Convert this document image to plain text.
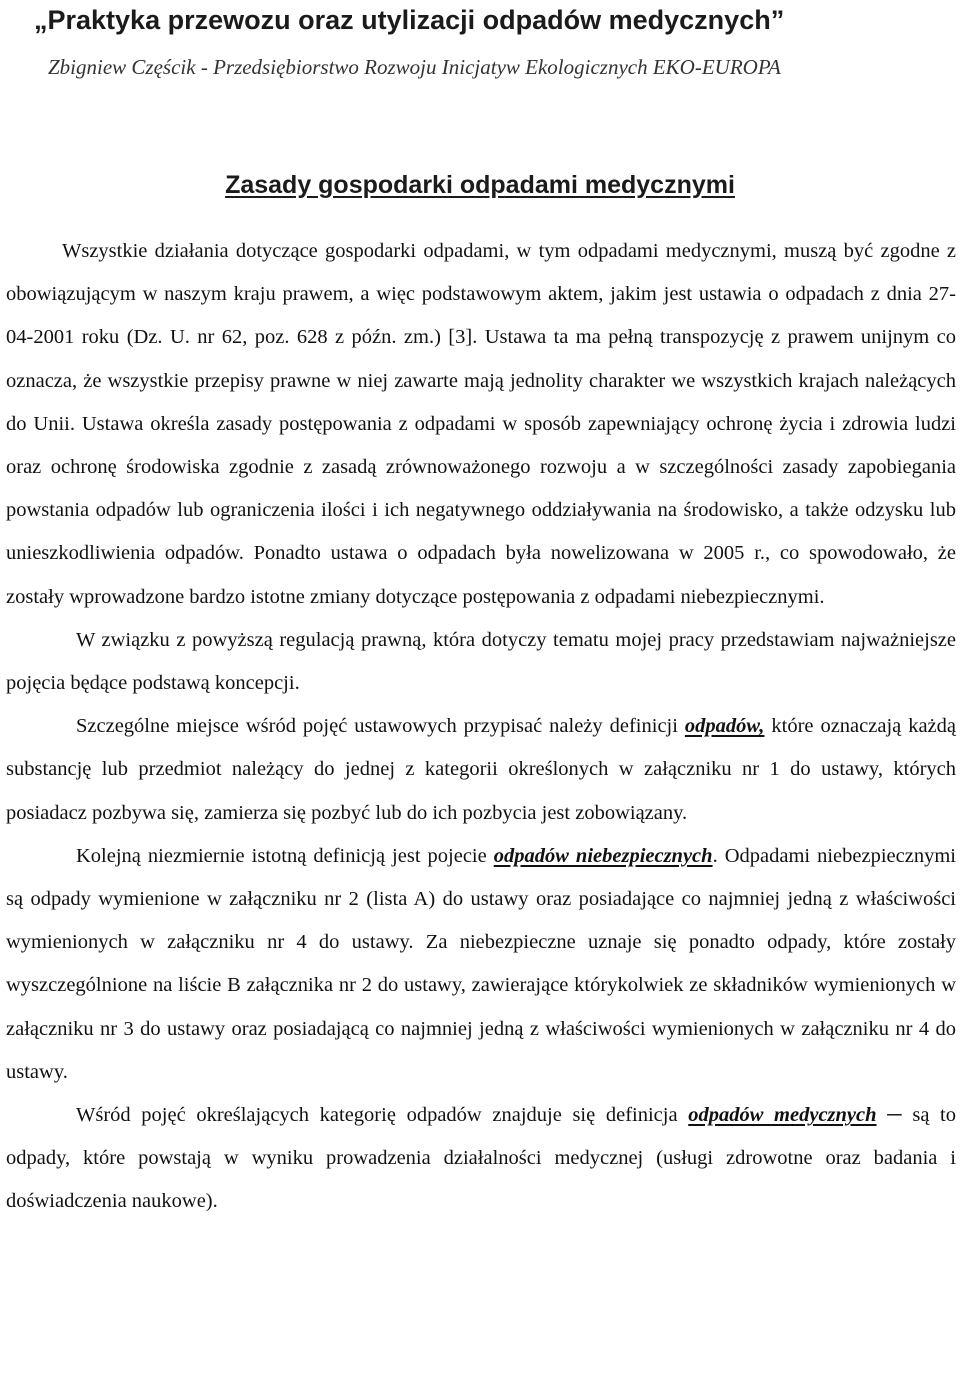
„Praktyka przewozu oraz utylizacji odpadów medycznych”
Zbigniew Częścik - Przedsiębiorstwo Rozwoju Inicjatyw Ekologicznych EKO-EUROPA
Zasady gospodarki odpadami medycznymi

Wszystkie działania dotyczące gospodarki odpadami, w tym odpadami medycznymi, muszą być zgodne z obowiązującym w naszym kraju prawem, a więc podstawowym aktem, jakim jest ustawia o odpadach z dnia 27-04-2001 roku (Dz. U. nr 62, poz. 628 z późn. zm.) [3]. Ustawa ta ma pełną transpozycję z prawem unijnym co oznacza, że wszystkie przepisy prawne w niej zawarte mają jednolity charakter we wszystkich krajach należących do Unii. Ustawa określa zasady postępowania z odpadami w sposób zapewniający ochronę życia i zdrowia ludzi oraz ochronę środowiska zgodnie z zasadą zrównoważonego rozwoju a w szczególności zasady zapobiegania powstania odpadów lub ograniczenia ilości i ich negatywnego oddziaływania na środowisko, a także odzysku lub unieszkodliwienia odpadów. Ponadto ustawa o odpadach była nowelizowana w 2005 r., co spowodowało, że zostały wprowadzone bardzo istotne zmiany dotyczące postępowania z odpadami niebezpiecznymi.

W związku z powyższą regulacją prawną, która dotyczy tematu mojej pracy przedstawiam najważniejsze pojęcia będące podstawą koncepcji.

Szczególne miejsce wśród pojęć ustawowych przypisać należy definicji odpadów, które oznaczają każdą substancję lub przedmiot należący do jednej z kategorii określonych w załączniku nr 1 do ustawy, których posiadacz pozbywa się, zamierza się pozbyć lub do ich pozbycia jest zobowiązany.

Kolejną niezmiernie istotną definicją jest pojecie odpadów niebezpiecznych. Odpadami niebezpiecznymi są odpady wymienione w załączniku nr 2 (lista A) do ustawy oraz posiadające co najmniej jedną z właściwości wymienionych w załączniku nr 4 do ustawy. Za niebezpieczne uznaje się ponadto odpady, które zostały wyszczególnione na liście B załącznika nr 2 do ustawy, zawierające którykolwiek ze składników wymienionych w załączniku nr 3 do ustawy oraz posiadającą co najmniej jedną z właściwości wymienionych w załączniku nr 4 do ustawy.

Wśród pojęć określających kategorię odpadów znajduje się definicja odpadów medycznych ─ są to odpady, które powstają w wyniku prowadzenia działalności medycznej (usługi zdrowotne oraz badania i doświadczenia naukowe).
